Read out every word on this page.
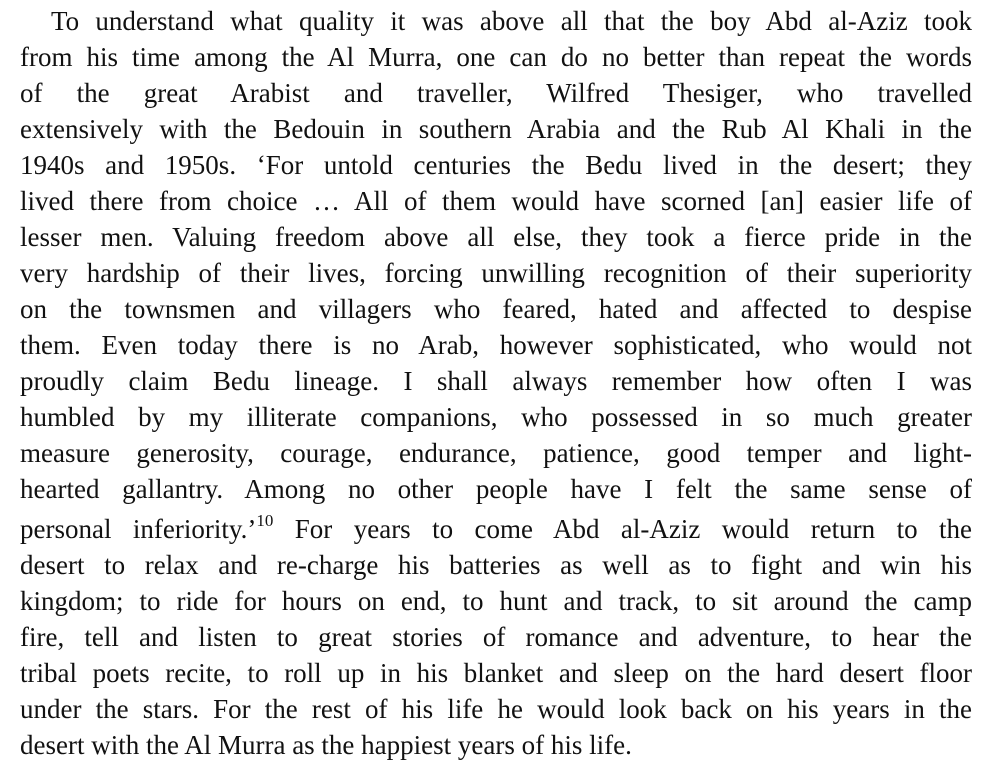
To understand what quality it was above all that the boy Abd al-Aziz took
from his time among the Al Murra, one can do no better than repeat the words
of the great Arabist and traveller, Wilfred Thesiger, who travelled
extensively with the Bedouin in southern Arabia and the Rub Al Khali in the
1940s and 1950s. ‘For untold centuries the Bedu lived in the desert; they
lived there from choice … All of them would have scorned [an] easier life of
lesser men. Valuing freedom above all else, they took a fierce pride in the
very hardship of their lives, forcing unwilling recognition of their superiority
on the townsmen and villagers who feared, hated and affected to despise
them. Even today there is no Arab, however sophisticated, who would not
proudly claim Bedu lineage. I shall always remember how often I was
humbled by my illiterate companions, who possessed in so much greater
measure generosity, courage, endurance, patience, good temper and light-
hearted gallantry. Among no other people have I felt the same sense of
personal inferiority.’$^{10}$ For years to come Abd al-Aziz would return to the
desert to relax and re-charge his batteries as well as to fight and win his
kingdom; to ride for hours on end, to hunt and track, to sit around the camp
fire, tell and listen to great stories of romance and adventure, to hear the
tribal poets recite, to roll up in his blanket and sleep on the hard desert floor
under the stars. For the rest of his life he would look back on his years in the
desert with the Al Murra as the happiest years of his life.
